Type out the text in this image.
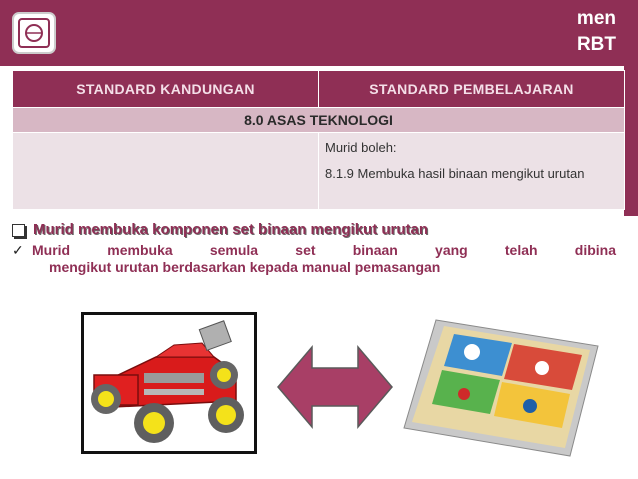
men
RBT
STANDARD KANDUNGAN	STANDARD PEMBELAJARAN
8.0 ASAS TEKNOLOGI	

	Murid boleh:

8.1.9 Membuka hasil binaan mengikut urutan

Murid membuka komponen set binaan mengikut urutan
✓ Murid membuka semula set binaan yang telah dibina
mengikut urutan berdasarkan kepada manual pemasangan
